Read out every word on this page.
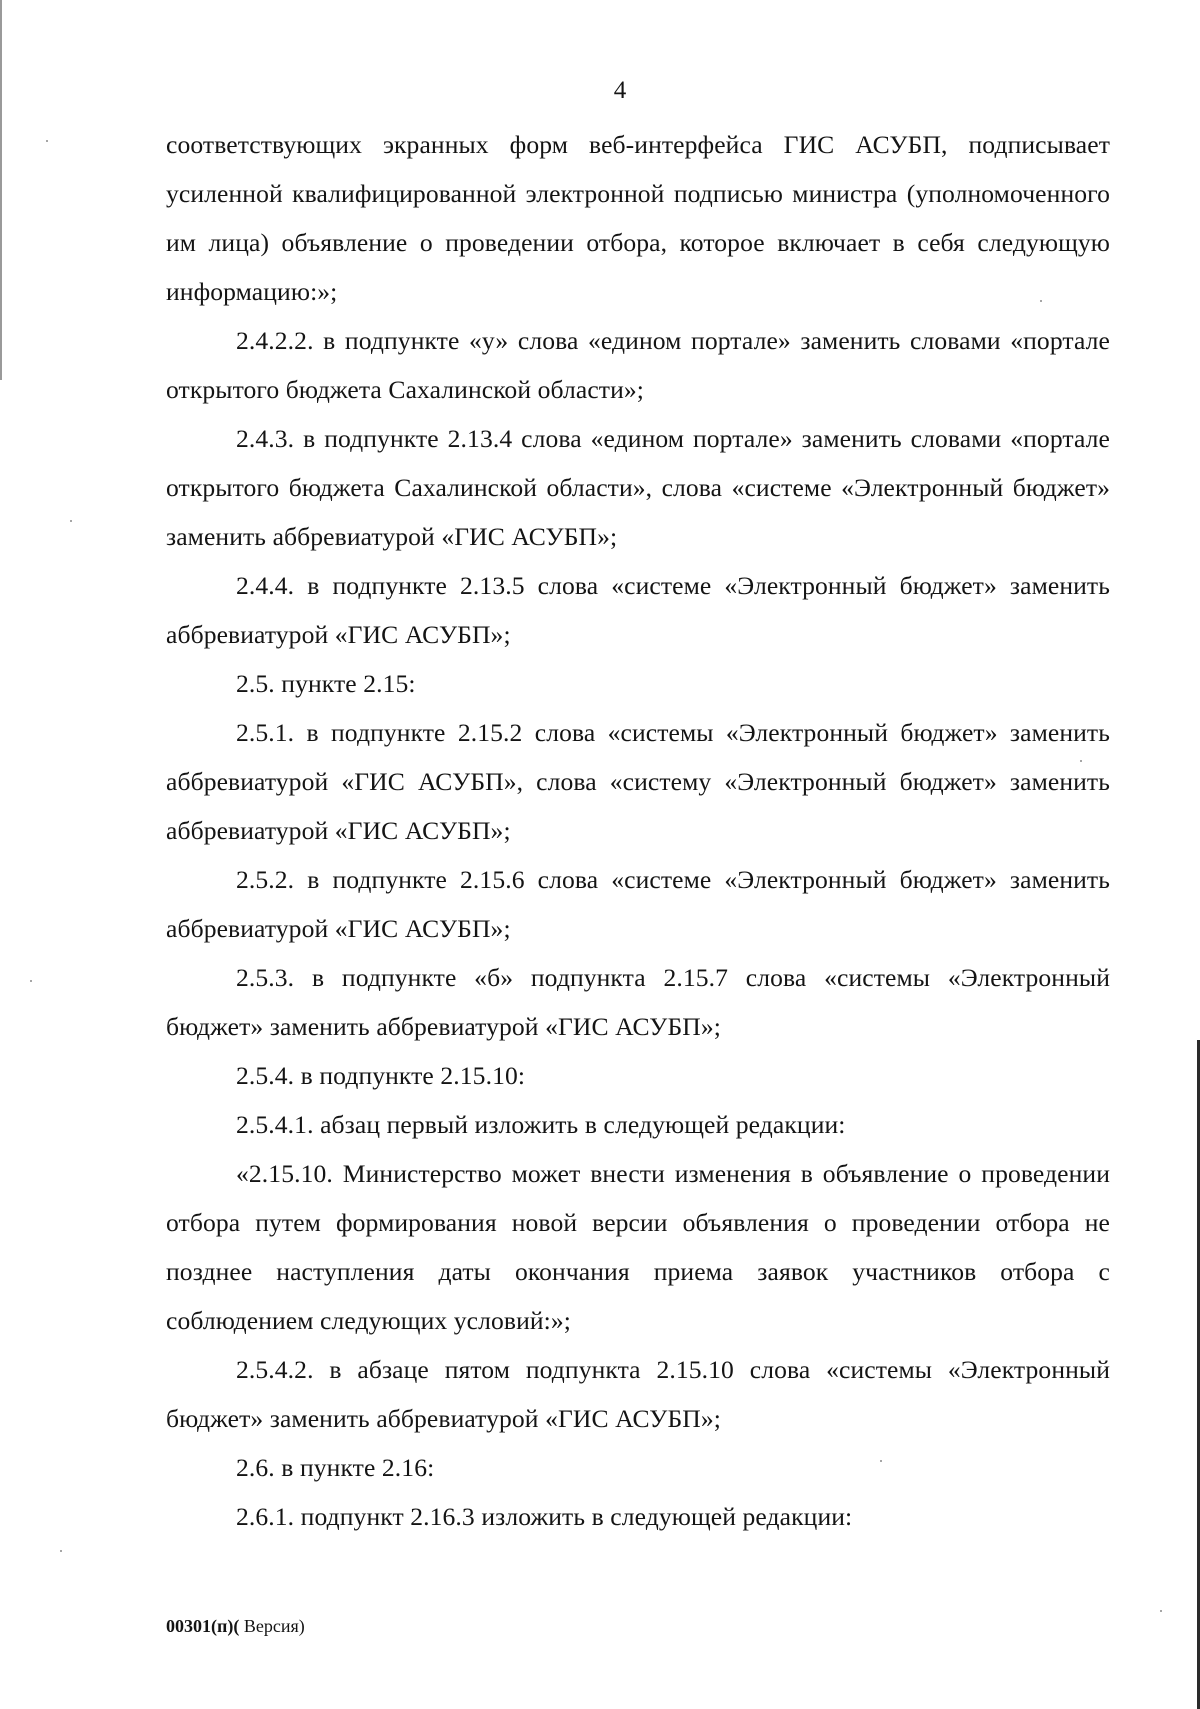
4

соответствующих экранных форм веб-интерфейса ГИС АСУБП, подписывает усиленной квалифицированной электронной подписью министра (уполномоченного им лица) объявление о проведении отбора, которое включает в себя следующую информацию:»;

2.4.2.2. в подпункте «у» слова «едином портале» заменить словами «портале открытого бюджета Сахалинской области»;

2.4.3. в подпункте 2.13.4 слова «едином портале» заменить словами «портале открытого бюджета Сахалинской области», слова «системе «Электронный бюджет» заменить аббревиатурой «ГИС АСУБП»;

2.4.4. в подпункте 2.13.5 слова «системе «Электронный бюджет» заменить аббревиатурой «ГИС АСУБП»;

2.5. пункте 2.15:

2.5.1. в подпункте 2.15.2 слова «системы «Электронный бюджет» заменить аббревиатурой «ГИС АСУБП», слова «систему «Электронный бюджет» заменить аббревиатурой «ГИС АСУБП»;

2.5.2. в подпункте 2.15.6 слова «системе «Электронный бюджет» заменить аббревиатурой «ГИС АСУБП»;

2.5.3. в подпункте «б» подпункта 2.15.7 слова «системы «Электронный бюджет» заменить аббревиатурой «ГИС АСУБП»;

2.5.4. в подпункте 2.15.10:

2.5.4.1. абзац первый изложить в следующей редакции:

«2.15.10. Министерство может внести изменения в объявление о проведении отбора путем формирования новой версии объявления о проведении отбора не позднее наступления даты окончания приема заявок участников отбора с соблюдением следующих условий:»;

2.5.4.2. в абзаце пятом подпункта 2.15.10 слова «системы «Электронный бюджет» заменить аббревиатурой «ГИС АСУБП»;

2.6. в пункте 2.16:

2.6.1. подпункт 2.16.3 изложить в следующей редакции:

00301(п)( Версия)
